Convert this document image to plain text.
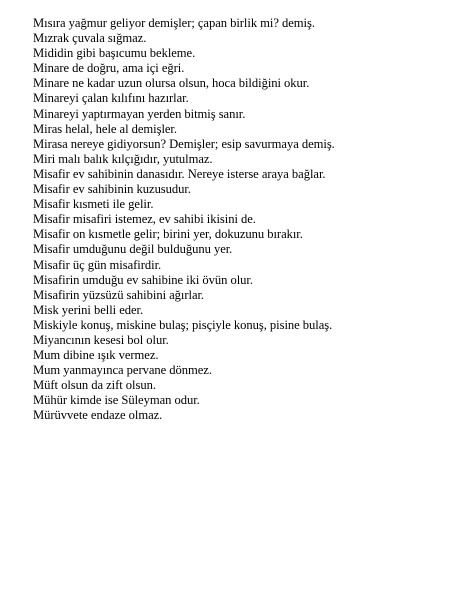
Mısıra yağmur geliyor demişler; çapan birlik mi? demiş.
Mızrak çuvala sığmaz.
Mididin gibi başıcumu bekleme.
Minare de doğru, ama içi eğri.
Minare ne kadar uzun olursa olsun, hoca bildiğini okur.
Minareyi çalan kılıfını hazırlar.
Minareyi yaptırmayan yerden bitmiş sanır.
Miras helal, hele al demişler.
Mirasa nereye gidiyorsun? Demişler; esip savurmaya demiş.
Miri malı balık kılçığıdır, yutulmaz.
Misafir ev sahibinin danasıdır. Nereye isterse araya bağlar.
Misafir ev sahibinin kuzusudur.
Misafir kısmeti ile gelir.
Misafir misafiri istemez, ev sahibi ikisini de.
Misafir on kısmetle gelir; birini yer, dokuzunu bırakır.
Misafir umduğunu değil bulduğunu yer.
Misafir üç gün misafirdir.
Misafirin umduğu ev sahibine iki övün olur.
Misafirin yüzsüzü sahibini ağırlar.
Misk yerini belli eder.
Miskiyle konuş, miskine bulaş; pisçiyle konuş, pisine bulaş.
Miyancının kesesi bol olur.
Mum dibine ışık vermez.
Mum yanmayınca pervane dönmez.
Müft olsun da zift olsun.
Mühür kimde ise Süleyman odur.
Mürüvvete endaze olmaz.
